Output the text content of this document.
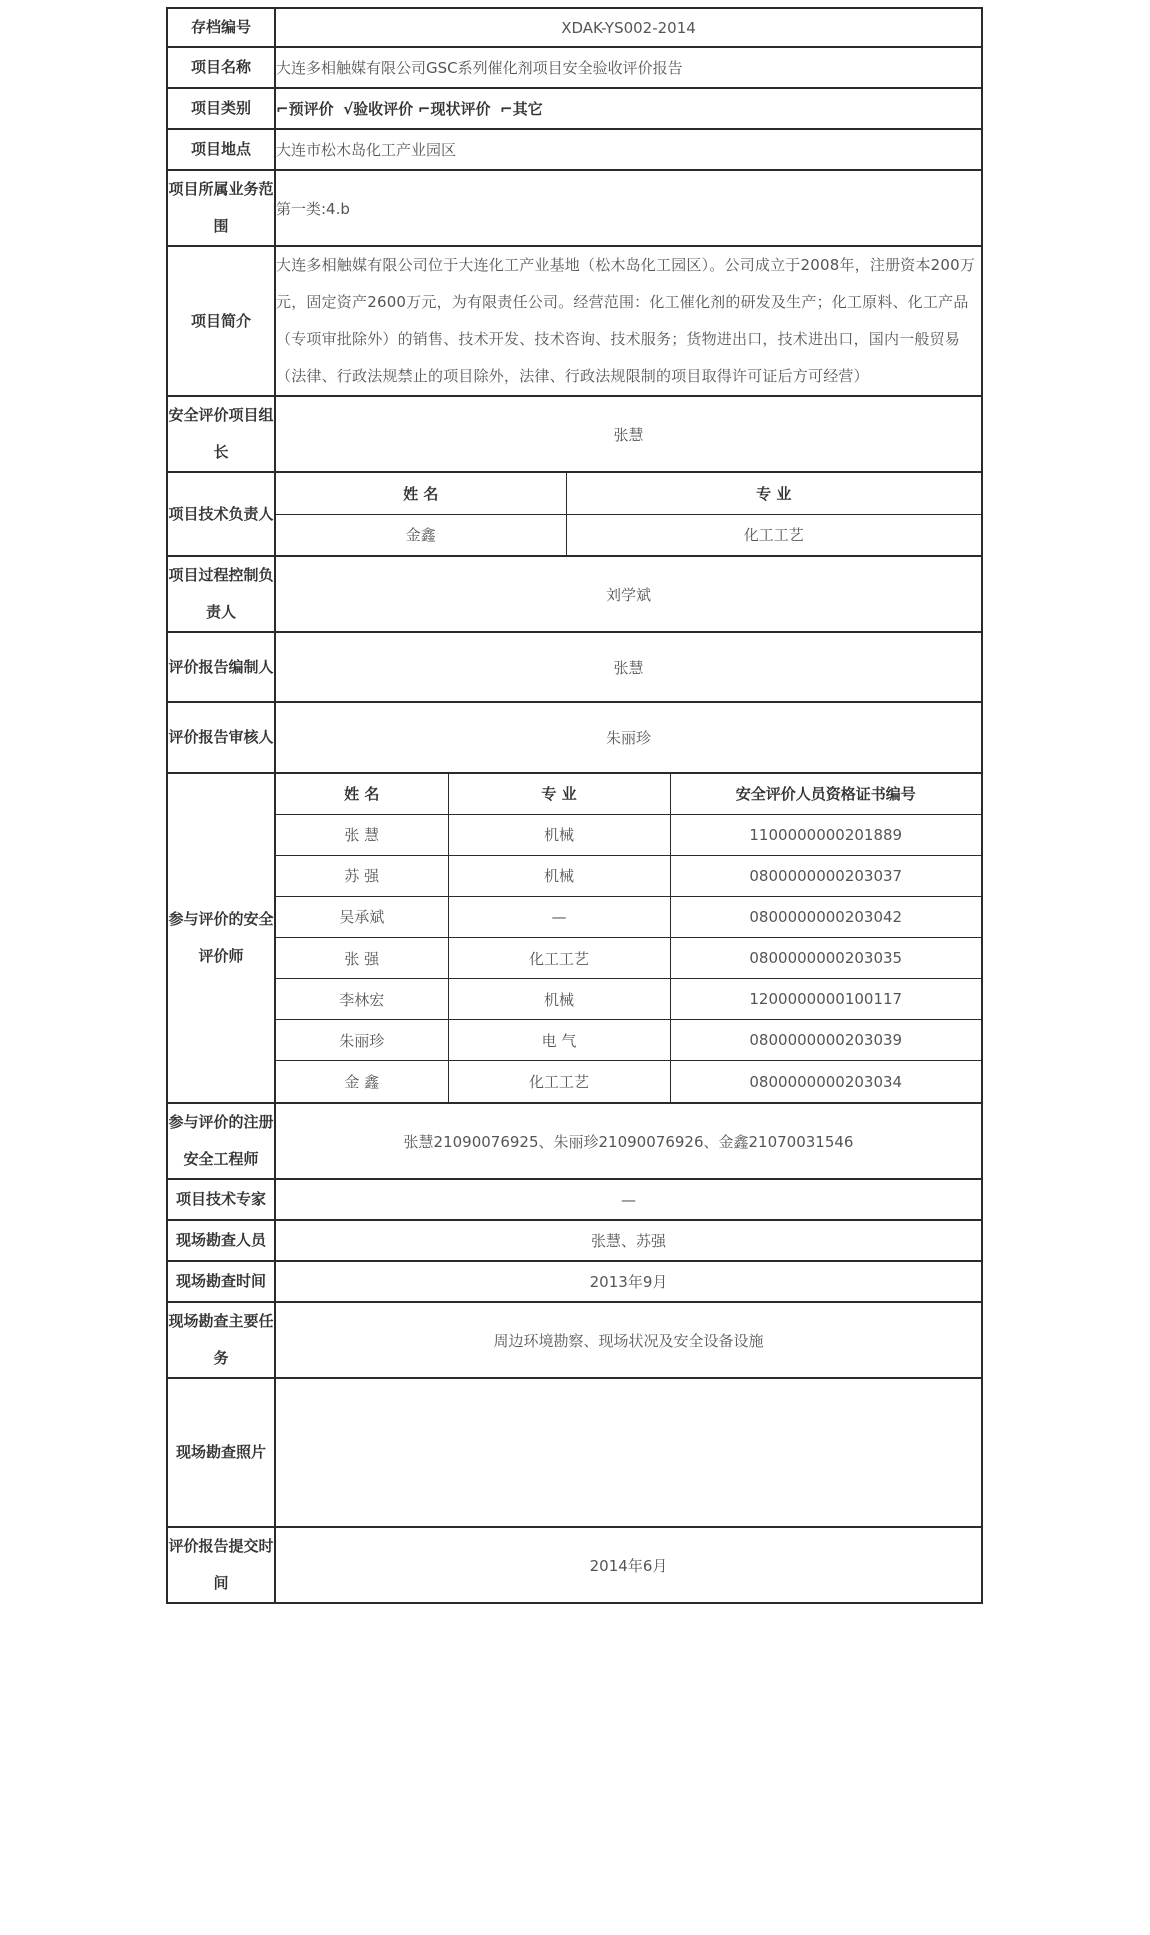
存档编号	XDAK-YS002-2014
项目名称	大连多相触媒有限公司GSC系列催化剂项目安全验收评价报告
项目类别	⌐预评价 √验收评价 ⌐现状评价 ⌐其它
项目地点	大连市松木岛化工产业园区
项目所属业务范围	第一类:4.b
项目简介	
大连多相触媒有限公司位于大连化工产业基地（松木岛化工园区）。公司成立于2008年，注册资本200万元，固定资产2600万元，为有限责任公司。经营范围：化工催化剂的研发及生产；化工原料、化工产品（专项审批除外）的销售、技术开发、技术咨询、技术服务；货物进出口，技术进出口，国内一般贸易（法律、行政法规禁止的项目除外，法律、行政法规限制的项目取得许可证后方可经营）

安全评价项目组长	张慧
项目技术负责人	
姓 名	专 业
金鑫	化工工艺

项目过程控制负责人	刘学斌
评价报告编制人	张慧
评价报告审核人	朱丽珍
参与评价的安全评价师	
姓 名	专 业	安全评价人员资格证书编号
张 慧	机械	1100000000201889
苏 强	机械	0800000000203037
吴承斌	—	0800000000203042
张 强	化工工艺	0800000000203035
李林宏	机械	1200000000100117
朱丽珍	电 气	0800000000203039
金 鑫	化工工艺	0800000000203034

参与评价的注册安全工程师	张慧21090076925、朱丽珍21090076926、金鑫21070031546
项目技术专家	—
现场勘查人员	张慧、苏强
现场勘查时间	2013年9月
现场勘查主要任务	周边环境勘察、现场状况及安全设备设施
现场勘查照片	
评价报告提交时间	2014年6月
